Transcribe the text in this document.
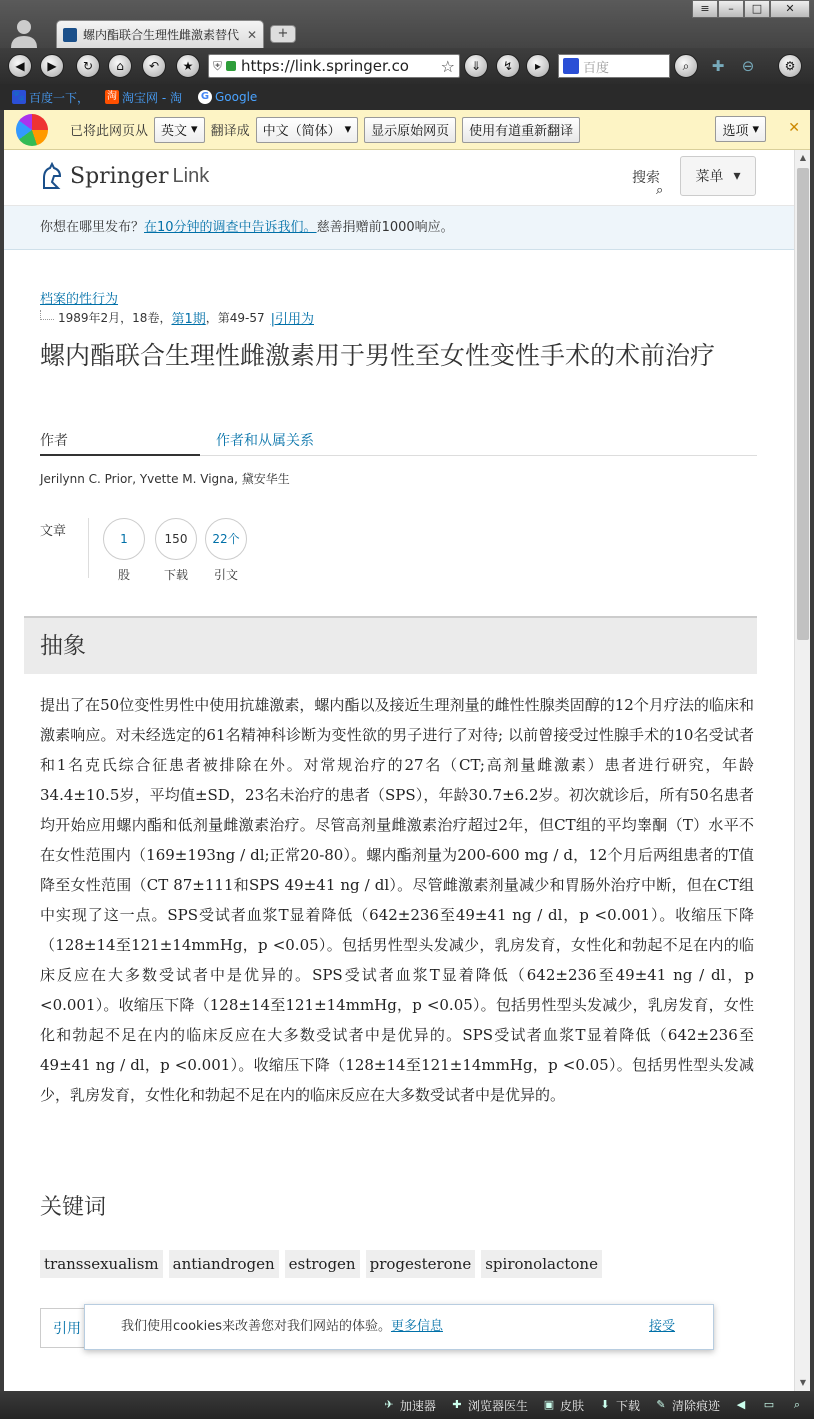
螺内酯联合生理性雌激素替代 ✕	+
≡	–	□	✕
◀	▶	↻	⌂	↶	★	⛨ https://link.springer.co	☆	⇓	↯	▸	百度	⌕	✚ ⊖	⚙
🐾 百度一下， 淘 淘宝网 - 淘 G Google
已将此网页从 英文 ▾ 翻译成 中文（简体） ▾	显示原始网页	使用有道重新翻译	选项 ▾ ✕
Springer Link	搜索
⌕
菜单 ▾
你想在哪里发布？在10分钟的调查中告诉我们。慈善捐赠前1000响应。
档案的性行为
1989年2月，18卷， 第1期 ，第49-57 |引用为
螺内酯联合生理性雌激素用于男性至女性变性手术的术前治疗
作者	作者和从属关系
Jerilynn C. Prior, Yvette M. Vigna, 黛安华生
文章	1
股
150
下载
22个
引文
抽象

提出了在50位变性男性中使用抗雄激素，螺内酯以及接近生理剂量的雌性性腺类固醇的12个月疗法的临床和激素响应。对未经选定的61名精神科诊断为变性欲的男子进行了对待; 以前曾接受过性腺手术的10名受试者和1名克氏综合征患者被排除在外。对常规治疗的27名（CT;高剂量雌激素）患者进行研究，年龄34.4±10.5岁，平均值±SD，23名未治疗的患者（SPS），年龄30.7±6.2岁。初次就诊后，所有50名患者均开始应用螺内酯和低剂量雌激素治疗。尽管高剂量雌激素治疗超过2年，但CT组的平均睾酮（T）水平不在女性范围内（169±193ng / dl;正常20-80）。螺内酯剂量为200-600 mg / d，12个月后两组患者的T值降至女性范围（CT 87±111和SPS 49±41 ng / dl）。尽管雌激素剂量减少和胃肠外治疗中断，但在CT组中实现了这一点。SPS受试者血浆T显着降低（642±236至49±41 ng / dl，p <0.001）。收缩压下降（128±14至121±14mmHg，p <0.05）。包括男性型头发减少，乳房发育，女性化和勃起不足在内的临床反应在大多数受试者中是优异的。SPS受试者血浆T显着降低（642±236至49±41 ng / dl，p <0.001）。收缩压下降（128±14至121±14mmHg，p <0.05）。包括男性型头发减少，乳房发育，女性化和勃起不足在内的临床反应在大多数受试者中是优异的。SPS受试者血浆T显着降低（642±236至49±41 ng / dl，p <0.001）。收缩压下降（128±14至121±14mmHg，p <0.05）。包括男性型头发减少，乳房发育，女性化和勃起不足在内的临床反应在大多数受试者中是优异的。

关键词
transsexualism antiandrogen estrogen progesterone spironolactone
引用	我们使用cookies来改善您对我们网站的体验。更多信息	接受
▲
▼
✈ 加速器 ✚ 浏览器医生 ▣ 皮肤 ⬇ 下载 ✎ 清除痕迹 ◀ ▭	⌕
